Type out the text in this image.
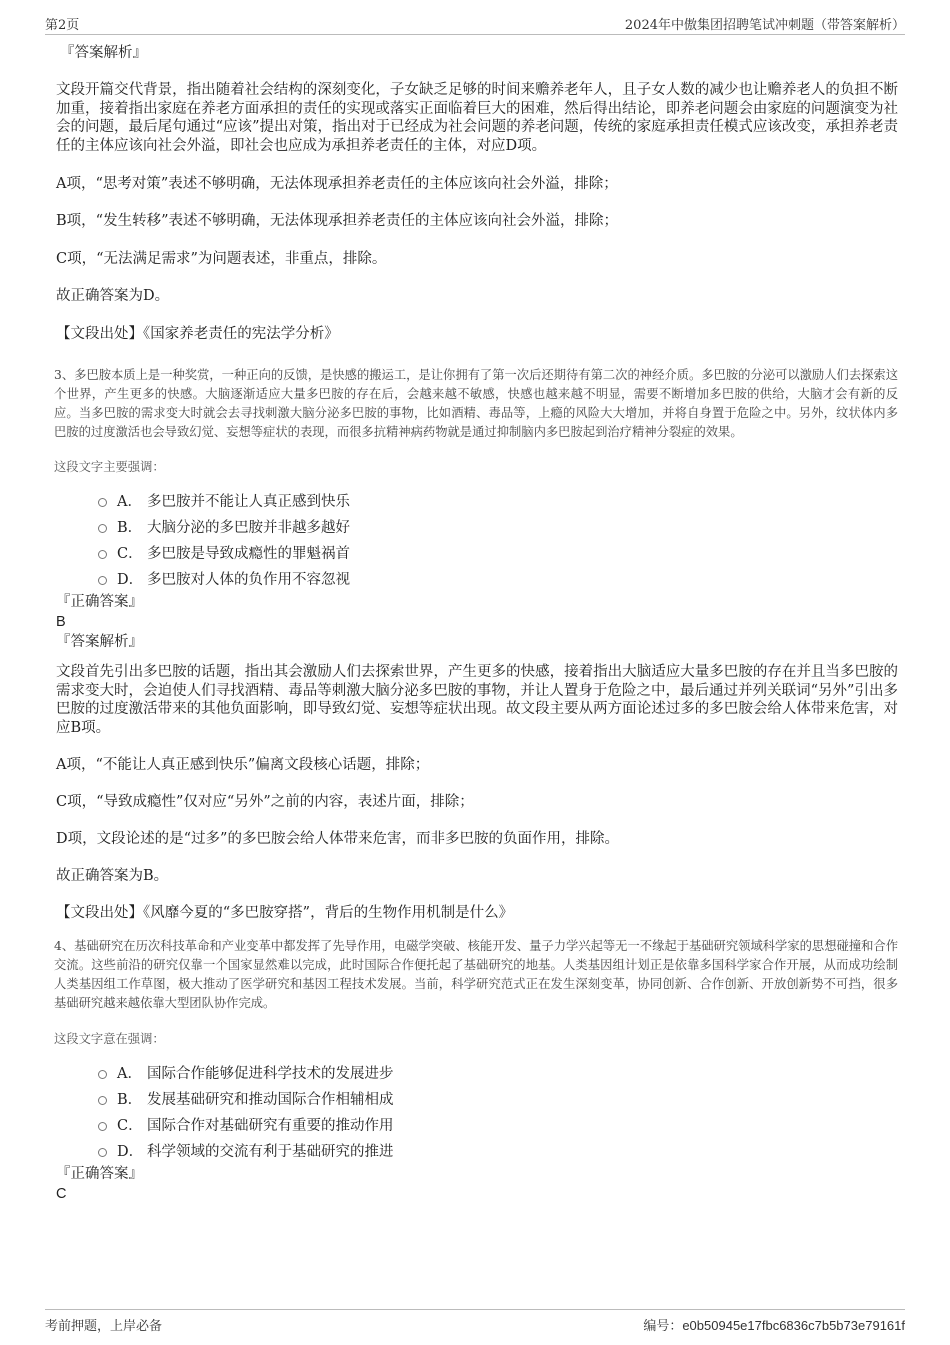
第2页	2024年中傲集团招聘笔试冲刺题（带答案解析）

『答案解析』

文段开篇交代背景，指出随着社会结构的深刻变化，子女缺乏足够的时间来赡养老年人，且子女人数的减少也让赡养老人的负担不断加重，接着指出家庭在养老方面承担的责任的实现或落实正面临着巨大的困难，然后得出结论，即养老问题会由家庭的问题演变为社会的问题，最后尾句通过“应该”提出对策，指出对于已经成为社会问题的养老问题，传统的家庭承担责任模式应该改变，承担养老责任的主体应该向社会外溢，即社会也应成为承担养老责任的主体，对应D项。

A项，“思考对策”表述不够明确，无法体现承担养老责任的主体应该向社会外溢，排除；

B项，“发生转移”表述不够明确，无法体现承担养老责任的主体应该向社会外溢，排除；

C项，“无法满足需求”为问题表述，非重点，排除。

故正确答案为D。

【文段出处】《国家养老责任的宪法学分析》

3、多巴胺本质上是一种奖赏，一种正向的反馈，是快感的搬运工，是让你拥有了第一次后还期待有第二次的神经介质。多巴胺的分泌可以激励人们去探索这个世界，产生更多的快感。大脑逐渐适应大量多巴胺的存在后，会越来越不敏感，快感也越来越不明显，需要不断增加多巴胺的供给，大脑才会有新的反应。当多巴胺的需求变大时就会去寻找刺激大脑分泌多巴胺的事物，比如酒精、毒品等，上瘾的风险大大增加，并将自身置于危险之中。另外，纹状体内多巴胺的过度激活也会导致幻觉、妄想等症状的表现，而很多抗精神病药物就是通过抑制脑内多巴胺起到治疗精神分裂症的效果。

这段文字主要强调：

A． 多巴胺并不能让人真正感到快乐
B． 大脑分泌的多巴胺并非越多越好
C． 多巴胺是导致成瘾性的罪魁祸首
D． 多巴胺对人体的负作用不容忽视

『正确答案』

B

『答案解析』

文段首先引出多巴胺的话题，指出其会激励人们去探索世界，产生更多的快感，接着指出大脑适应大量多巴胺的存在并且当多巴胺的需求变大时，会迫使人们寻找酒精、毒品等刺激大脑分泌多巴胺的事物，并让人置身于危险之中，最后通过并列关联词“另外”引出多巴胺的过度激活带来的其他负面影响，即导致幻觉、妄想等症状出现。故文段主要从两方面论述过多的多巴胺会给人体带来危害，对应B项。

A项，“不能让人真正感到快乐”偏离文段核心话题，排除；

C项，“导致成瘾性”仅对应“另外”之前的内容，表述片面，排除；

D项，文段论述的是“过多”的多巴胺会给人体带来危害，而非多巴胺的负面作用，排除。

故正确答案为B。

【文段出处】《风靡今夏的“多巴胺穿搭”，背后的生物作用机制是什么》

4、基础研究在历次科技革命和产业变革中都发挥了先导作用，电磁学突破、核能开发、量子力学兴起等无一不缘起于基础研究领域科学家的思想碰撞和合作交流。这些前沿的研究仅靠一个国家显然难以完成，此时国际合作便托起了基础研究的地基。人类基因组计划正是依靠多国科学家合作开展，从而成功绘制人类基因组工作草图，极大推动了医学研究和基因工程技术发展。当前，科学研究范式正在发生深刻变革，协同创新、合作创新、开放创新势不可挡，很多基础研究越来越依靠大型团队协作完成。

这段文字意在强调：

A． 国际合作能够促进科学技术的发展进步
B． 发展基础研究和推动国际合作相辅相成
C． 国际合作对基础研究有重要的推动作用
D． 科学领域的交流有利于基础研究的推进

『正确答案』

C

考前押题，上岸必备	编号：e0b50945e17fbc6836c7b5b73e79161f
